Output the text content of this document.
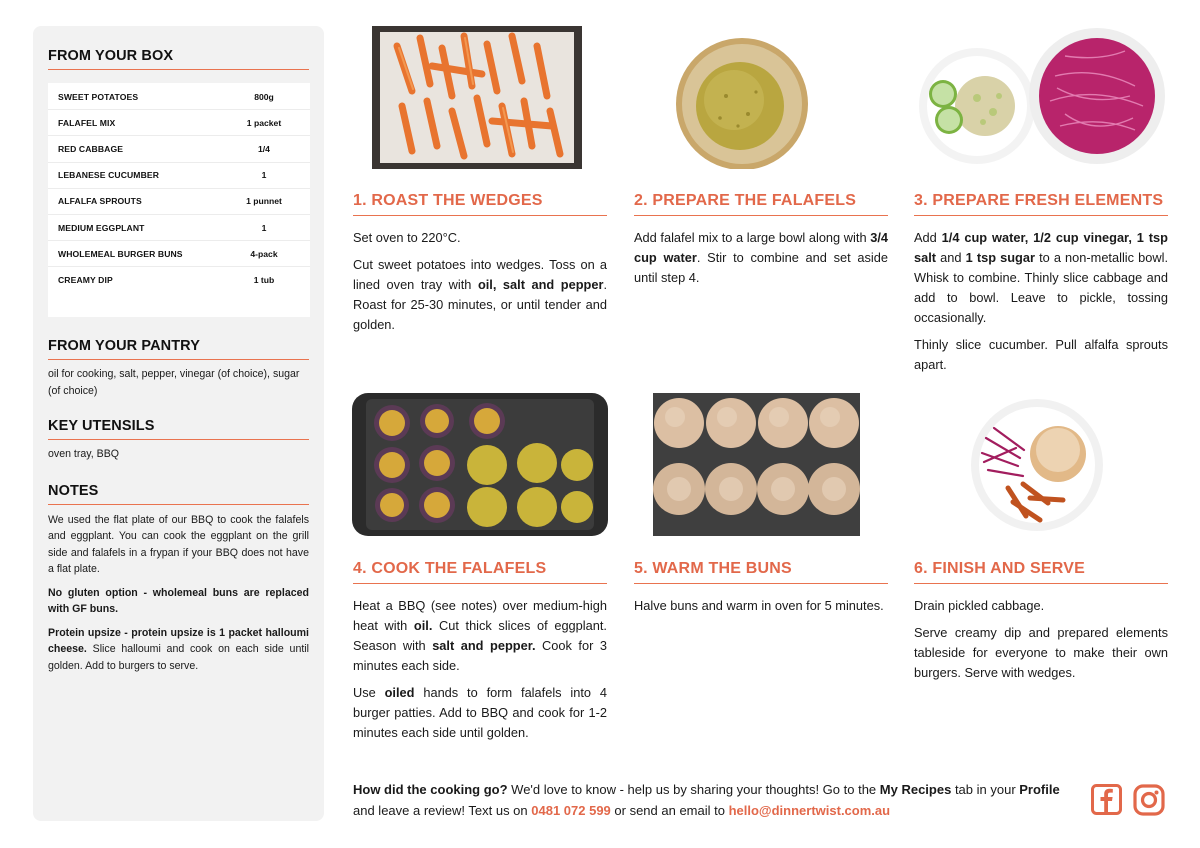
FROM YOUR BOX
SWEET POTATOES	800g
FALAFEL MIX	1 packet
RED CABBAGE	1/4
LEBANESE CUCUMBER	1
ALFALFA SPROUTS	1 punnet
MEDIUM EGGPLANT	1
WHOLEMEAL BURGER BUNS	4-pack
CREAMY DIP	1 tub
FROM YOUR PANTRY
oil for cooking, salt, pepper, vinegar (of choice), sugar (of choice)
KEY UTENSILS
oven tray, BBQ
NOTES

We used the flat plate of our BBQ to cook the falafels and eggplant. You can cook the eggplant on the grill side and falafels in a frypan if your BBQ does not have a flat plate.

No gluten option - wholemeal buns are replaced with GF buns.

Protein upsize - protein upsize is 1 packet halloumi cheese. Slice halloumi and cook on each side until golden. Add to burgers to serve.

1. ROAST THE WEDGES	2. PREPARE THE FALAFELS	3. PREPARE FRESH ELEMENTS
4. COOK THE FALAFELS	5. WARM THE BUNS	6. FINISH AND SERVE

Set oven to 220°C.

Cut sweet potatoes into wedges. Toss on a lined oven tray with oil, salt and pepper. Roast for 25-30 minutes, or until tender and golden.

Add falafel mix to a large bowl along with 3/4 cup water. Stir to combine and set aside until step 4.

Add 1/4 cup water, 1/2 cup vinegar, 1 tsp salt and 1 tsp sugar to a non-metallic bowl. Whisk to combine. Thinly slice cabbage and add to bowl. Leave to pickle, tossing occasionally.

Thinly slice cucumber. Pull alfalfa sprouts apart.

Heat a BBQ (see notes) over medium-high heat with oil. Cut thick slices of eggplant. Season with salt and pepper. Cook for 3 minutes each side.

Use oiled hands to form falafels into 4 burger patties. Add to BBQ and cook for 1-2 minutes each side until golden.

Halve buns and warm in oven for 5 minutes.	Drain pickled cabbage.

Serve creamy dip and prepared elements tableside for everyone to make their own burgers. Serve with wedges.

How did the cooking go? We'd love to know - help us by sharing your thoughts! Go to the My Recipes tab in your Profile and leave a review! Text us on 0481 072 599 or send an email to hello@dinnertwist.com.au
